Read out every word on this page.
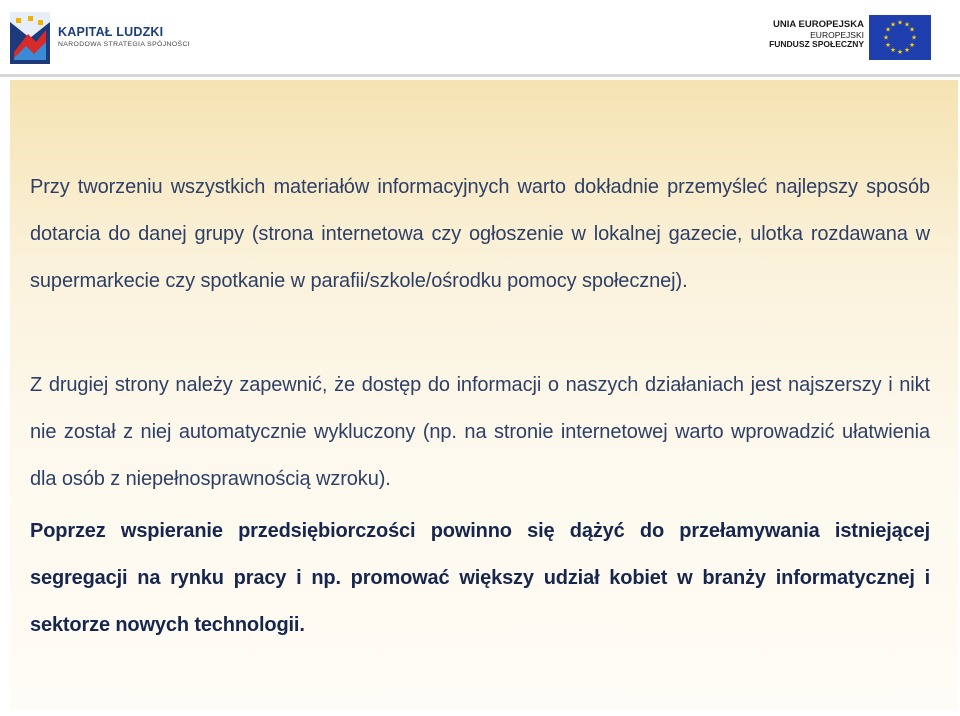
KAPITAŁ LUDZKI
NARODOWA STRATEGIA SPÓJNOŚCI
UNIA EUROPEJSKA
EUROPEJSKI
FUNDUSZ SPOŁECZNY
★ ★
★
★
★
★
★
★
★
★
★
★

Przy tworzeniu wszystkich materiałów informacyjnych warto dokładnie przemyśleć najlepszy sposób dotarcia do danej grupy (strona internetowa czy ogłoszenie w lokalnej gazecie, ulotka rozdawana w supermarkecie czy spotkanie w parafii/szkole/ośrodku pomocy społecznej).

Z drugiej strony należy zapewnić, że dostęp do informacji o naszych działaniach jest najszerszy i nikt nie został z niej automatycznie wykluczony (np. na stronie internetowej warto wprowadzić ułatwienia dla osób z niepełnosprawnością wzroku).

Poprzez wspieranie przedsiębiorczości powinno się dążyć do przełamywania istniejącej segregacji na rynku pracy i np. promować większy udział kobiet w branży informatycznej i sektorze nowych technologii.
